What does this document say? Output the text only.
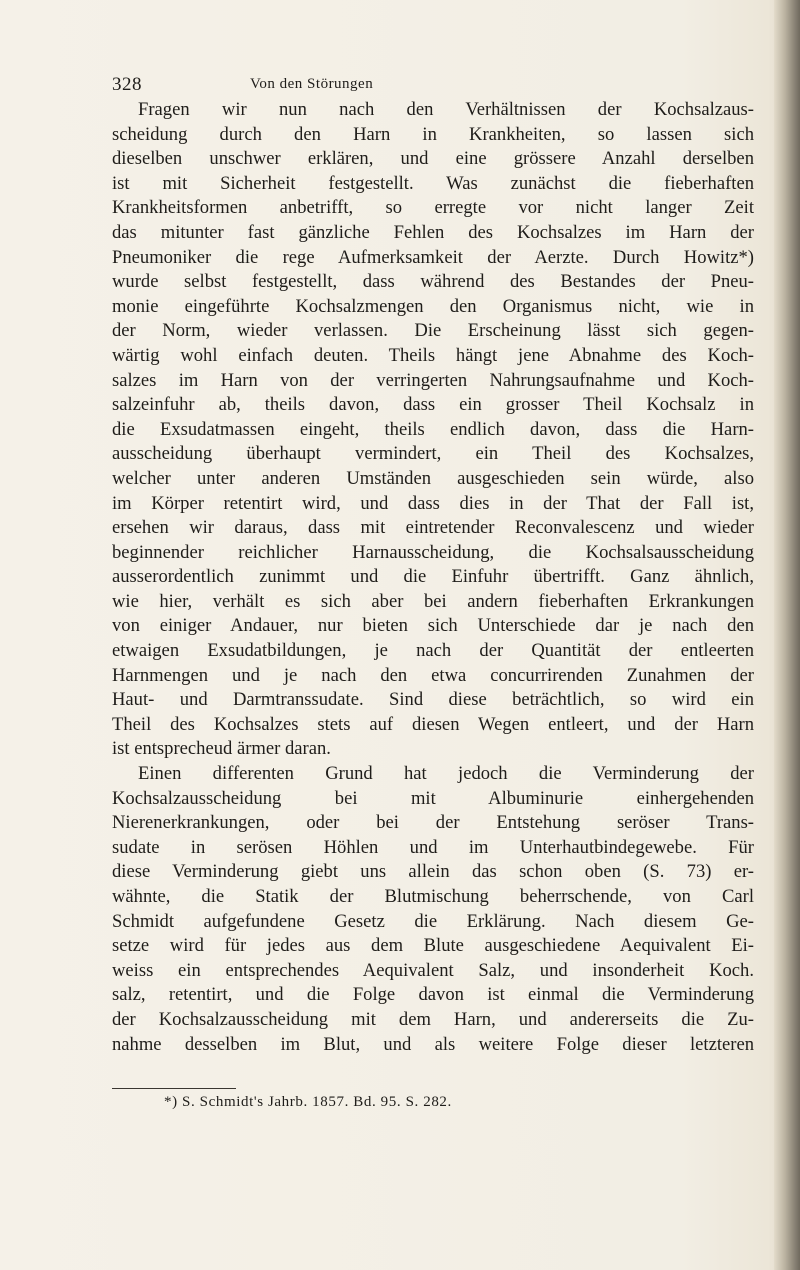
328	Von den Störungen
Fragen wir nun nach den Verhältnissen der Kochsalzaus-
scheidung durch den Harn in Krankheiten, so lassen sich
dieselben unschwer erklären, und eine grössere Anzahl derselben
ist mit Sicherheit festgestellt. Was zunächst die fieberhaften
Krankheitsformen anbetrifft, so erregte vor nicht langer Zeit
das mitunter fast gänzliche Fehlen des Kochsalzes im Harn der
Pneumoniker die rege Aufmerksamkeit der Aerzte. Durch Howitz*)
wurde selbst festgestellt, dass während des Bestandes der Pneu-
monie eingeführte Kochsalzmengen den Organismus nicht, wie in
der Norm, wieder verlassen. Die Erscheinung lässt sich gegen-
wärtig wohl einfach deuten. Theils hängt jene Abnahme des Koch-
salzes im Harn von der verringerten Nahrungsaufnahme und Koch-
salzeinfuhr ab, theils davon, dass ein grosser Theil Kochsalz in
die Exsudatmassen eingeht, theils endlich davon, dass die Harn-
ausscheidung überhaupt vermindert, ein Theil des Kochsalzes,
welcher unter anderen Umständen ausgeschieden sein würde, also
im Körper retentirt wird, und dass dies in der That der Fall ist,
ersehen wir daraus, dass mit eintretender Reconvalescenz und wieder
beginnender reichlicher Harnausscheidung, die Kochsalsausscheidung
ausserordentlich zunimmt und die Einfuhr übertrifft. Ganz ähnlich,
wie hier, verhält es sich aber bei andern fieberhaften Erkrankungen
von einiger Andauer, nur bieten sich Unterschiede dar je nach den
etwaigen Exsudatbildungen, je nach der Quantität der entleerten
Harnmengen und je nach den etwa concurrirenden Zunahmen der
Haut- und Darmtranssudate. Sind diese beträchtlich, so wird ein
Theil des Kochsalzes stets auf diesen Wegen entleert, und der Harn
ist entsprecheud ärmer daran.
Einen differenten Grund hat jedoch die Verminderung der
Kochsalzausscheidung bei mit Albuminurie einhergehenden
Nierenerkrankungen, oder bei der Entstehung seröser Trans-
sudate in serösen Höhlen und im Unterhautbindegewebe. Für
diese Verminderung giebt uns allein das schon oben (S. 73) er-
wähnte, die Statik der Blutmischung beherrschende, von Carl
Schmidt aufgefundene Gesetz die Erklärung. Nach diesem Ge-
setze wird für jedes aus dem Blute ausgeschiedene Aequivalent Ei-
weiss ein entsprechendes Aequivalent Salz, und insonderheit Koch.
salz, retentirt, und die Folge davon ist einmal die Verminderung
der Kochsalzausscheidung mit dem Harn, und andererseits die Zu-
nahme desselben im Blut, und als weitere Folge dieser letzteren
*) S. Schmidt's Jahrb. 1857. Bd. 95. S. 282.
